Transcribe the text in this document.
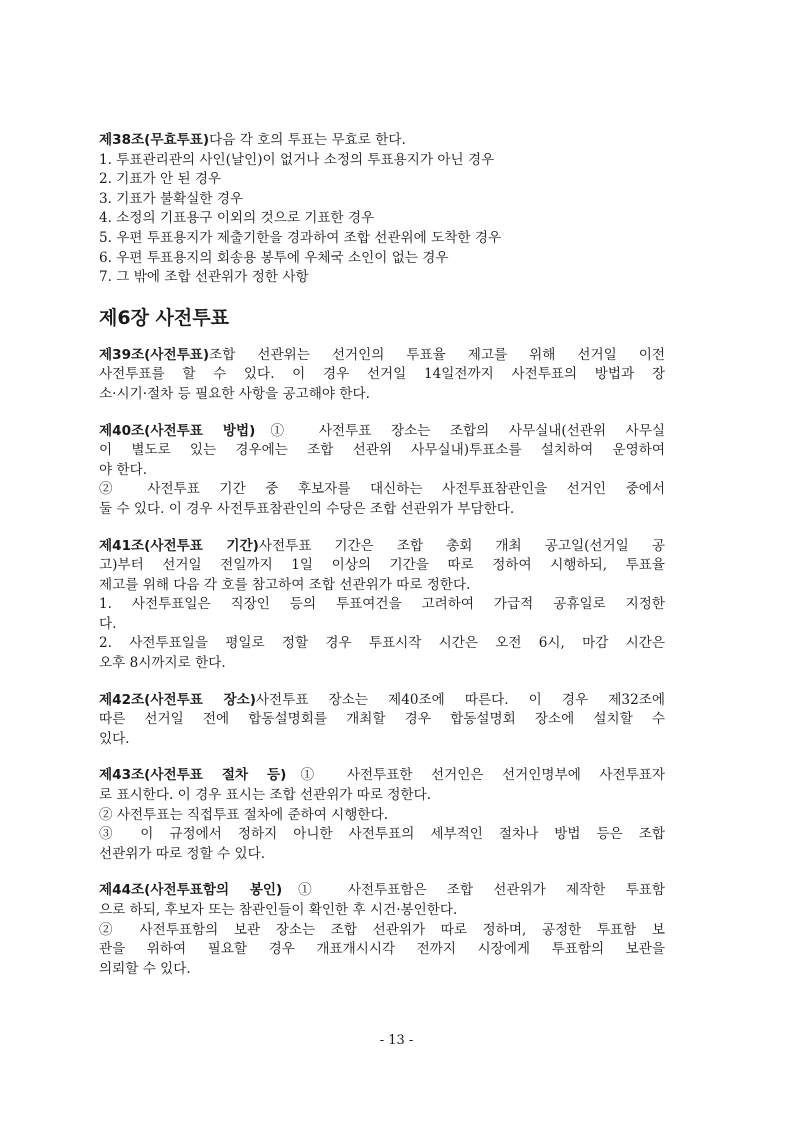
제38조(무효투표)다음 각 호의 투표는 무효로 한다.
1. 투표관리관의 사인(날인)이 없거나 소정의 투표용지가 아닌 경우
2. 기표가 안 된 경우
3. 기표가 불확실한 경우
4. 소정의 기표용구 이외의 것으로 기표한 경우
5. 우편 투표용지가 제출기한을 경과하여 조합 선관위에 도착한 경우
6. 우편 투표용지의 회송용 봉투에 우체국 소인이 없는 경우
7. 그 밖에 조합 선관위가 정한 사항
제6장 사전투표
제39조(사전투표)조합 선관위는 선거인의 투표율 제고를 위해 선거일 이전
사전투표를 할 수 있다. 이 경우 선거일 14일전까지 사전투표의 방법과 장
소·시기·절차 등 필요한 사항을 공고해야 한다.
제40조(사전투표 방법)① 사전투표 장소는 조합의 사무실내(선관위 사무실
이 별도로 있는 경우에는 조합 선관위 사무실내)투표소를 설치하여 운영하여
야 한다.
② 사전투표 기간 중 후보자를 대신하는 사전투표참관인을 선거인 중에서
둘 수 있다. 이 경우 사전투표참관인의 수당은 조합 선관위가 부담한다.
제41조(사전투표 기간)사전투표 기간은 조합 총회 개최 공고일(선거일 공
고)부터 선거일 전일까지 1일 이상의 기간을 따로 정하여 시행하되, 투표율
제고를 위해 다음 각 호를 참고하여 조합 선관위가 따로 정한다.
1. 사전투표일은 직장인 등의 투표여건을 고려하여 가급적 공휴일로 지정한
다.
2. 사전투표일을 평일로 정할 경우 투표시작 시간은 오전 6시, 마감 시간은
오후 8시까지로 한다.
제42조(사전투표 장소)사전투표 장소는 제40조에 따른다. 이 경우 제32조에
따른 선거일 전에 합동설명회를 개최할 경우 합동설명회 장소에 설치할 수
있다.
제43조(사전투표 절차 등)① 사전투표한 선거인은 선거인명부에 사전투표자
로 표시한다. 이 경우 표시는 조합 선관위가 따로 정한다.
② 사전투표는 직접투표 절차에 준하여 시행한다.
③ 이 규정에서 정하지 아니한 사전투표의 세부적인 절차나 방법 등은 조합
선관위가 따로 정할 수 있다.
제44조(사전투표함의 봉인)① 사전투표함은 조합 선관위가 제작한 투표함
으로 하되, 후보자 또는 참관인들이 확인한 후 시건·봉인한다.
② 사전투표함의 보관 장소는 조합 선관위가 따로 정하며, 공정한 투표함 보
관을 위하여 필요할 경우 개표개시시각 전까지 시장에게 투표함의 보관을
의뢰할 수 있다.
- 13 -
